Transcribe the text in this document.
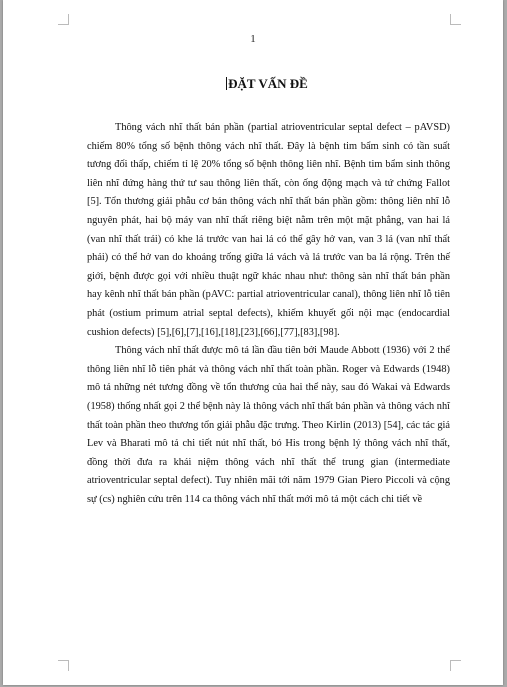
1
ĐẶT VẤN ĐỀ

Thông vách nhĩ thất bán phần (partial atrioventricular septal defect – pAVSD) chiếm 80% tổng số bệnh thông vách nhĩ thất. Đây là bệnh tim bẩm sinh có tần suất tương đối thấp, chiếm tỉ lệ 20% tổng số bệnh thông liên nhĩ. Bệnh tim bẩm sinh thông liên nhĩ đứng hàng thứ tư sau thông liên thất, còn ống động mạch và tứ chứng Fallot [5]. Tổn thương giải phẫu cơ bản thông vách nhĩ thất bán phần gồm: thông liên nhĩ lỗ nguyên phát, hai bộ máy van nhĩ thất riêng biệt nằm trên một mặt phẳng, van hai lá (van nhĩ thất trái) có khe lá trước van hai lá có thể gây hở van, van 3 lá (van nhĩ thất phải) có thể hở van do khoảng trống giữa lá vách và lá trước van ba lá rộng. Trên thế giới, bệnh được gọi với nhiều thuật ngữ khác nhau như: thông sàn nhĩ thất bán phần hay kênh nhĩ thất bán phần (pAVC: partial atrioventricular canal), thông liên nhĩ lỗ tiên phát (ostium primum atrial septal defects), khiếm khuyết gối nội mạc (endocardial cushion defects) [5],[6],[7],[16],[18],[23],[66],[77],[83],[98].

Thông vách nhĩ thất được mô tả lần đầu tiên bởi Maude Abbott (1936) với 2 thể thông liên nhĩ lỗ tiên phát và thông vách nhĩ thất toàn phần. Roger và Edwards (1948) mô tả những nét tương đồng về tổn thương của hai thể này, sau đó Wakai và Edwards (1958) thống nhất gọi 2 thể bệnh này là thông vách nhĩ thất bán phần và thông vách nhĩ thất toàn phần theo thương tổn giải phẫu đặc trưng. Theo Kirlin (2013) [54], các tác giả Lev và Bharati mô tả chi tiết nút nhĩ thất, bó His trong bệnh lý thông vách nhĩ thất, đồng thời đưa ra khái niệm thông vách nhĩ thất thể trung gian (intermediate atrioventricular septal defect). Tuy nhiên mãi tới năm 1979 Gian Piero Piccoli và cộng sự (cs) nghiên cứu trên 114 ca thông vách nhĩ thất mới mô tả một cách chi tiết về
